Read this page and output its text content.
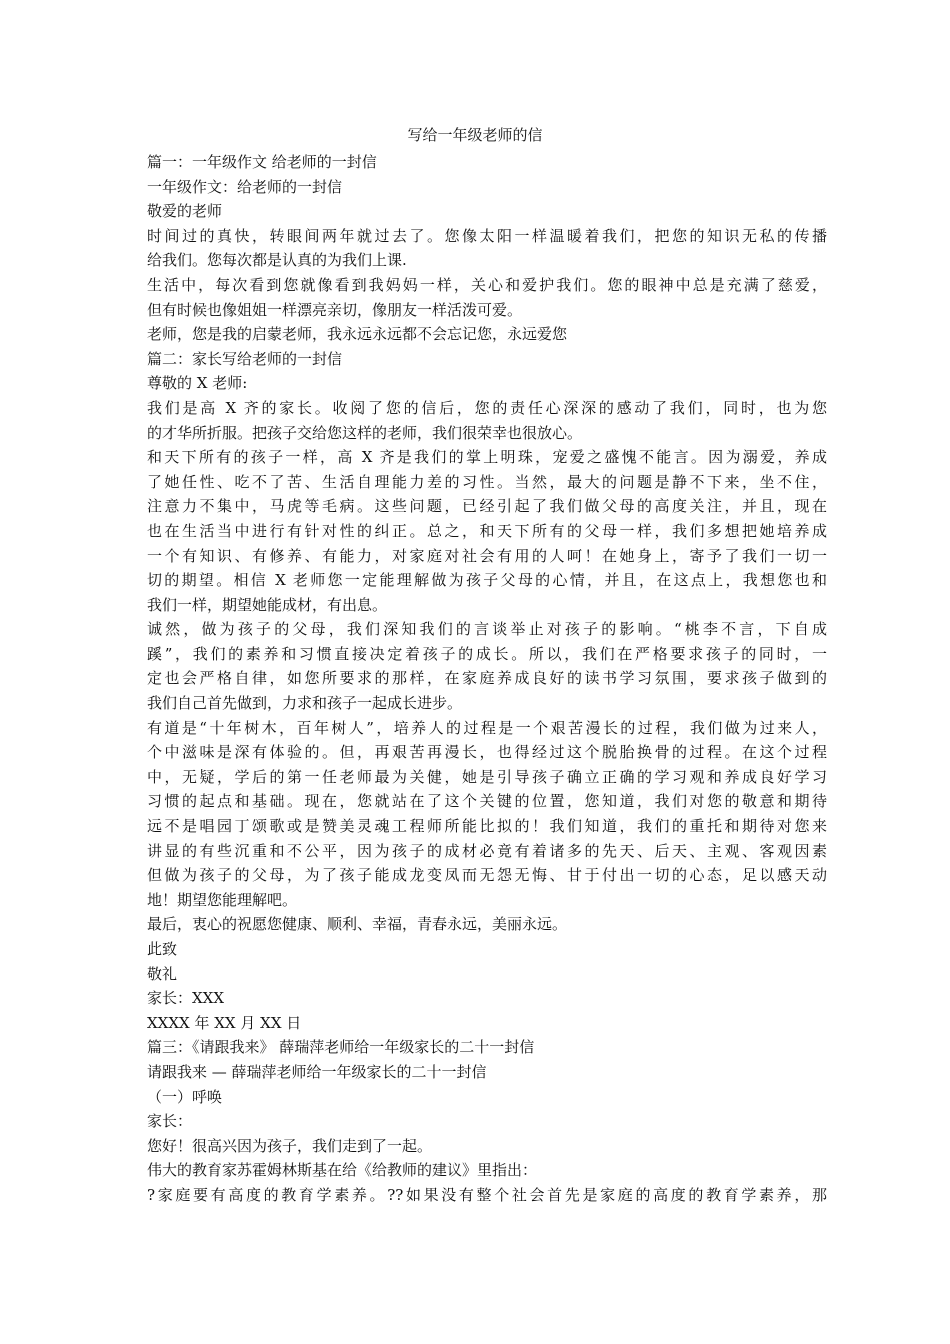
写给一年级老师的信
篇一：一年级作文 给老师的一封信
一年级作文：给老师的一封信
敬爱的老师
时间过的真快，转眼间两年就过去了。您像太阳一样温暖着我们，把您的知识无私的传播
给我们。您每次都是认真的为我们上课.
生活中，每次看到您就像看到我妈妈一样，关心和爱护我们。您的眼神中总是充满了慈爱，
但有时候也像姐姐一样漂亮亲切，像朋友一样活泼可爱。
老师，您是我的启蒙老师，我永远永远都不会忘记您，永远爱您
篇二：家长写给老师的一封信
尊敬的 X 老师:
我们是高 X 齐的家长。收阅了您的信后，您的责任心深深的感动了我们，同时，也为您
的才华所折服。把孩子交给您这样的老师，我们很荣幸也很放心。
和天下所有的孩子一样，高 X 齐是我们的掌上明珠，宠爱之盛愧不能言。因为溺爱，养成
了她任性、吃不了苦、生活自理能力差的习性。当然，最大的问题是静不下来，坐不住，
注意力不集中，马虎等毛病。这些问题，已经引起了我们做父母的高度关注，并且，现在
也在生活当中进行有针对性的纠正。总之，和天下所有的父母一样，我们多想把她培养成
一个有知识、有修养、有能力，对家庭对社会有用的人呵！在她身上，寄予了我们一切一
切的期望。相信 X 老师您一定能理解做为孩子父母的心情，并且，在这点上，我想您也和
我们一样，期望她能成材，有出息。
诚然，做为孩子的父母，我们深知我们的言谈举止对孩子的影响。“桃李不言，下自成
蹊”，我们的素养和习惯直接决定着孩子的成长。所以，我们在严格要求孩子的同时，一
定也会严格自律，如您所要求的那样，在家庭养成良好的读书学习氛围，要求孩子做到的
我们自己首先做到，力求和孩子一起成长进步。
有道是“十年树木，百年树人”，培养人的过程是一个艰苦漫长的过程，我们做为过来人，
个中滋味是深有体验的。但，再艰苦再漫长，也得经过这个脱胎换骨的过程。在这个过程
中，无疑，学后的第一任老师最为关健，她是引导孩子确立正确的学习观和养成良好学习
习惯的起点和基础。现在，您就站在了这个关键的位置，您知道，我们对您的敬意和期待
远不是唱园丁颂歌或是赞美灵魂工程师所能比拟的！我们知道，我们的重托和期待对您来
讲显的有些沉重和不公平，因为孩子的成材必竟有着诸多的先天、后天、主观、客观因素
但做为孩子的父母，为了孩子能成龙变凤而无怨无悔、甘于付出一切的心态，足以感天动
地！期望您能理解吧。
最后，衷心的祝愿您健康、顺利、幸福，青春永远，美丽永远。
此致
敬礼
家长：XXX
XXXX 年 XX 月 XX 日
篇三：《请跟我来》 薛瑞萍老师给一年级家长的二十一封信
请跟我来 — 薛瑞萍老师给一年级家长的二十一封信
（一）呼唤
家长：
您好！很高兴因为孩子，我们走到了一起。
伟大的教育家苏霍姆林斯基在给《给教师的建议》里指出：
?家庭要有高度的教育学素养。??如果没有整个社会首先是家庭的高度的教育学素养，那
